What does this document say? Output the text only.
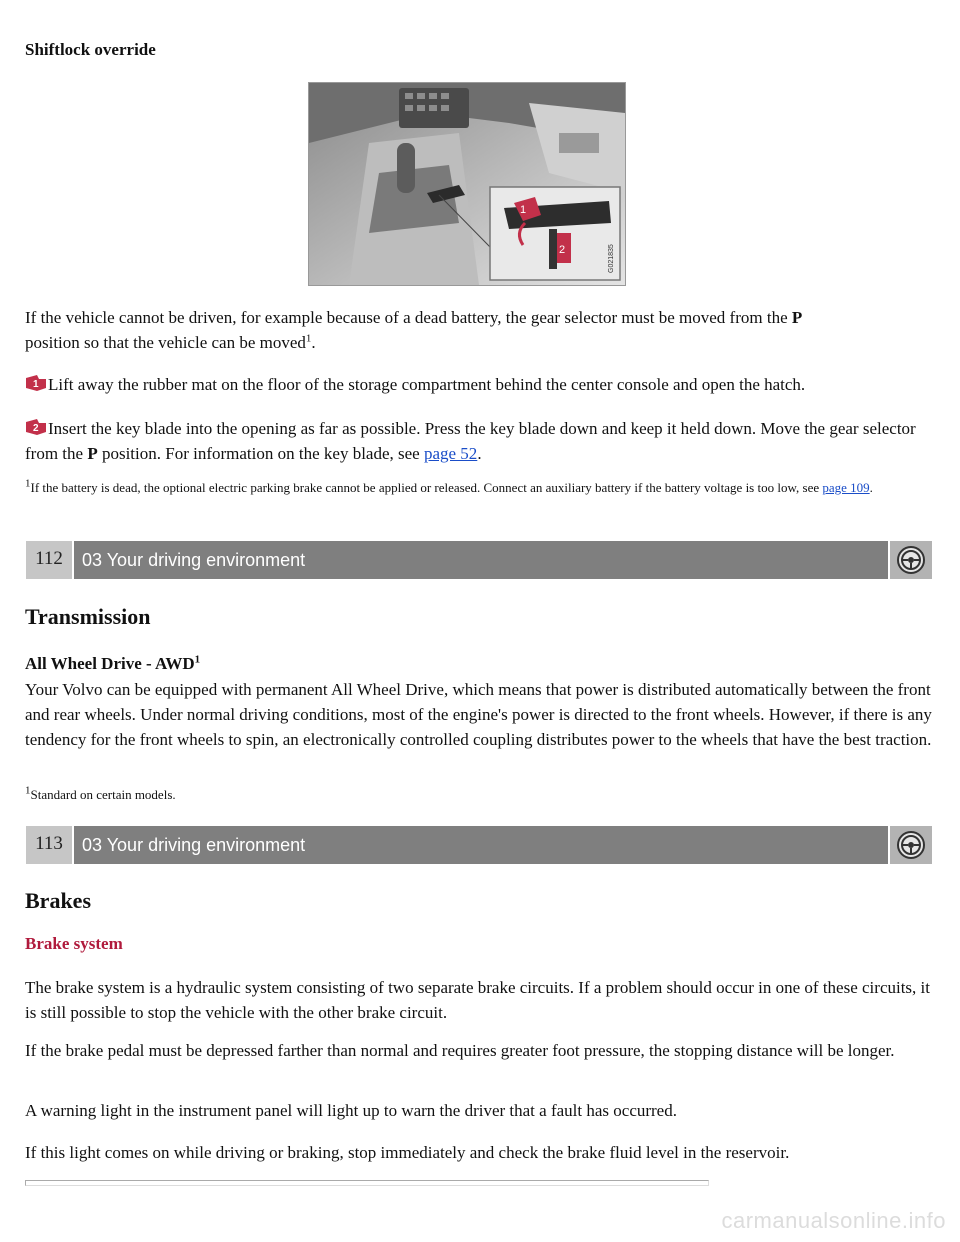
Shiftlock override
1
2	G021835

If the vehicle cannot be driven, for example because of a dead battery, the gear selector must be moved from the P
position so that the vehicle can be moved$^1$.

1 Lift away the rubber mat on the floor of the storage compartment behind the center console and open the hatch.

2 Insert the key blade into the opening as far as possible. Press the key blade down and keep it held down. Move the gear selector from the P position. For information on the key blade, see page 52.

$^1$If the battery is dead, the optional electric parking brake cannot be applied or released. Connect an auxiliary battery if the battery voltage is too low, see page 109.

112	03 Your driving environment
Transmission
All Wheel Drive - AWD$^1$

Your Volvo can be equipped with permanent All Wheel Drive, which means that power is distributed automatically between the front and rear wheels. Under normal driving conditions, most of the engine's power is directed to the front wheels. However, if there is any tendency for the front wheels to spin, an electronically controlled coupling distributes power to the wheels that have the best traction.

$^1$Standard on certain models.

113	03 Your driving environment
Brakes
Brake system

The brake system is a hydraulic system consisting of two separate brake circuits. If a problem should occur in one of these circuits, it is still possible to stop the vehicle with the other brake circuit.

If the brake pedal must be depressed farther than normal and requires greater foot pressure, the stopping distance will be longer.

A warning light in the instrument panel will light up to warn the driver that a fault has occurred.

If this light comes on while driving or braking, stop immediately and check the brake fluid level in the reservoir.

carmanualsonline.info
